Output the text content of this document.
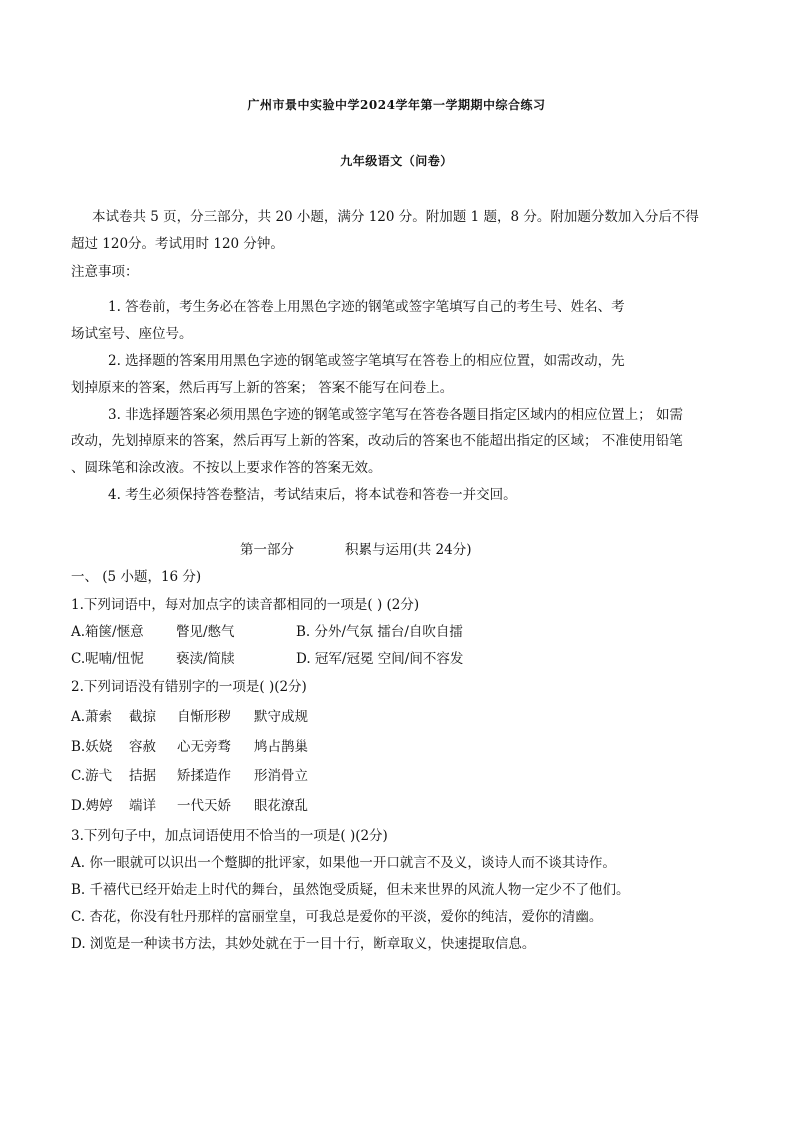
广州市景中实验中学2024学年第一学期期中综合练习
九年级语文（问卷）
本试卷共 5 页，分三部分，共 20 小题，满分 120 分。附加题 1 题，8 分。附加题分数加入分后不得
超过 120分。考试用时 120 分钟。
注意事项：
1. 答卷前，考生务必在答卷上用黑色字迹的钢笔或签字笔填写自己的考生号、姓名、考
场试室号、座位号。
2. 选择题的答案用用黑色字迹的钢笔或签字笔填写在答卷上的相应位置，如需改动，先
划掉原来的答案，然后再写上新的答案； 答案不能写在问卷上。
3. 非选择题答案必须用黑色字迹的钢笔或签字笔写在答卷各题目指定区域内的相应位置上； 如需
改动，先划掉原来的答案，然后再写上新的答案，改动后的答案也不能超出指定的区域； 不准使用铅笔
、圆珠笔和涂改液。不按以上要求作答的答案无效。
4. 考生必须保持答卷整洁，考试结束后，将本试卷和答卷一并交回。
第一部分	积累与运用(共 24分)
一、 (5 小题，16 分)
1.下列词语中，每对加点字的读音都相同的一项是( ) (2分)
A.箱箧/惬意 瞥见/憋气	B. 分外/气氛 擂台/自吹自擂
C.呢喃/忸怩 亵渎/简牍	D. 冠军/冠冕 空间/间不容发
2.下列词语没有错别字的一项是( )(2分)
A.萧索 截掠 自惭形秽 默守成规
B.妖娆 容赦 心无旁骛 鸠占鹊巢
C.游弋 拮据 矫揉造作 形消骨立
D.娉婷 端详 一代天娇 眼花潦乱
3.下列句子中，加点词语使用不恰当的一项是( )(2分)
A. 你一眼就可以识出一个蹩脚的批评家，如果他一开口就言不及义，谈诗人而不谈其诗作。
B. 千禧代已经开始走上时代的舞台，虽然饱受质疑，但未来世界的风流人物一定少不了他们。
C. 杏花，你没有牡丹那样的富丽堂皇，可我总是爱你的平淡，爱你的纯洁，爱你的清幽。
D. 浏览是一种读书方法，其妙处就在于一目十行，断章取义，快速提取信息。
